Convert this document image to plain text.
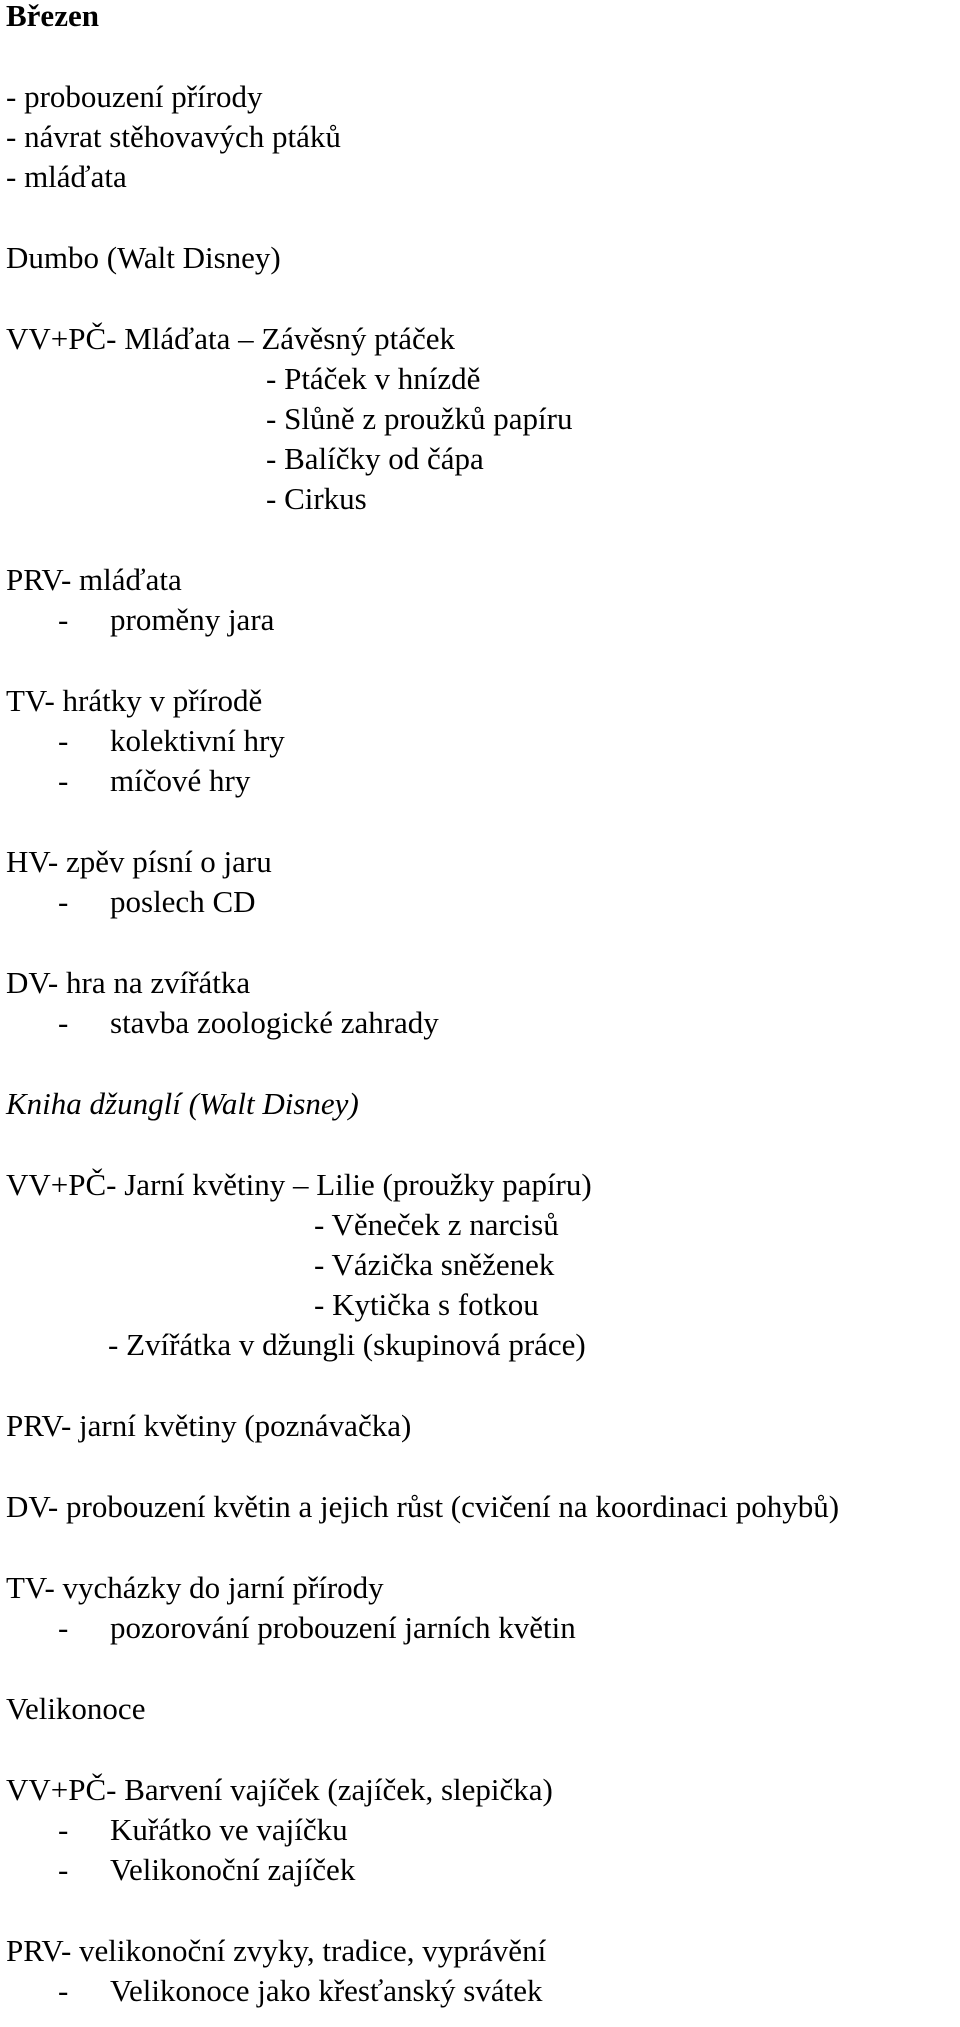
Březen
- probouzení přírody
- návrat stěhovavých ptáků
- mláďata
Dumbo (Walt Disney)
VV+PČ- Mláďata – Závěsný ptáček
- Ptáček v hnízdě
- Slůně z proužků papíru
- Balíčky od čápa
- Cirkus
PRV- mláďata
- proměny jara
TV- hrátky v přírodě
- kolektivní hry
- míčové hry
HV- zpěv písní o jaru
- poslech CD
DV- hra na zvířátka
- stavba zoologické zahrady
Kniha džunglí (Walt Disney)
VV+PČ- Jarní květiny – Lilie (proužky papíru)
- Věneček z narcisů
- Vázička sněženek
- Kytička s fotkou
- Zvířátka v džungli (skupinová práce)
PRV- jarní květiny (poznávačka)
DV- probouzení květin a jejich růst (cvičení na koordinaci pohybů)
TV- vycházky do jarní přírody
- pozorování probouzení jarních květin
Velikonoce
VV+PČ- Barvení vajíček (zajíček, slepička)
- Kuřátko ve vajíčku
- Velikonoční zajíček
PRV- velikonoční zvyky, tradice, vyprávění
- Velikonoce jako křesťanský svátek
